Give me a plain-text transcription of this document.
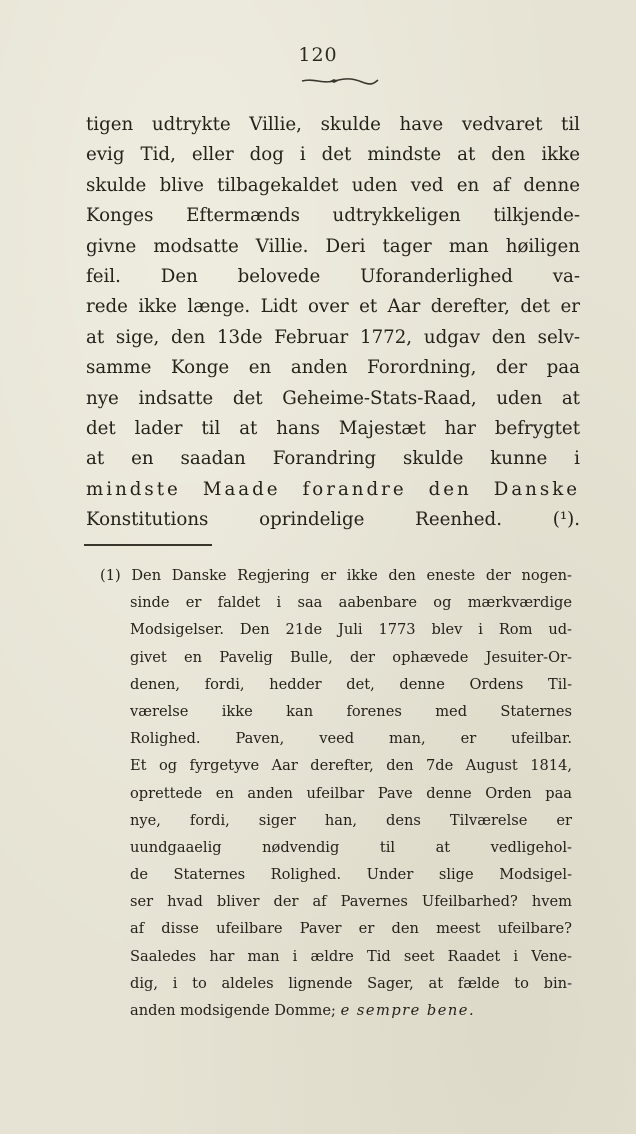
120
tigen udtrykte Villie, skulde have vedvaret til
evig Tid, eller dog i det mindste at den ikke
skulde blive tilbagekaldet uden ved en af denne
Konges Eftermænds udtrykkeligen tilkjende-
givne modsatte Villie. Deri tager man høiligen
feil. Den belovede Uforanderlighed va-
rede ikke længe. Lidt over et Aar derefter, det er
at sige, den 13de Februar 1772, udgav den selv-
samme Konge en anden Forordning, der paa
nye indsatte det Geheime-Stats-Raad, uden at
det lader til at hans Majestæt har befrygtet
at en saadan Forandring skulde kunne i
mindste Maade forandre den Danske
Konstitutions oprindelige Reenhed. (¹).
(1) Den Danske Regjering er ikke den eneste der nogen-
sinde er faldet i saa aabenbare og mærkværdige
Modsigelser. Den 21de Juli 1773 blev i Rom ud-
givet en Pavelig Bulle, der ophævede Jesuiter-Or-
denen, fordi, hedder det, denne Ordens Til-
værelse ikke kan forenes med Staternes
Rolighed. Paven, veed man, er ufeilbar.
Et og fyrgetyve Aar derefter, den 7de August 1814,
oprettede en anden ufeilbar Pave denne Orden paa
nye, fordi, siger han, dens Tilværelse er
uundgaaelig nødvendig til at vedligehol-
de Staternes Rolighed. Under slige Modsigel-
ser hvad bliver der af Pavernes Ufeilbarhed? hvem
af disse ufeilbare Paver er den meest ufeilbare?
Saaledes har man i ældre Tid seet Raadet i Vene-
dig, i to aldeles lignende Sager, at fælde to bin-
anden modsigende Domme; e sempre bene.
